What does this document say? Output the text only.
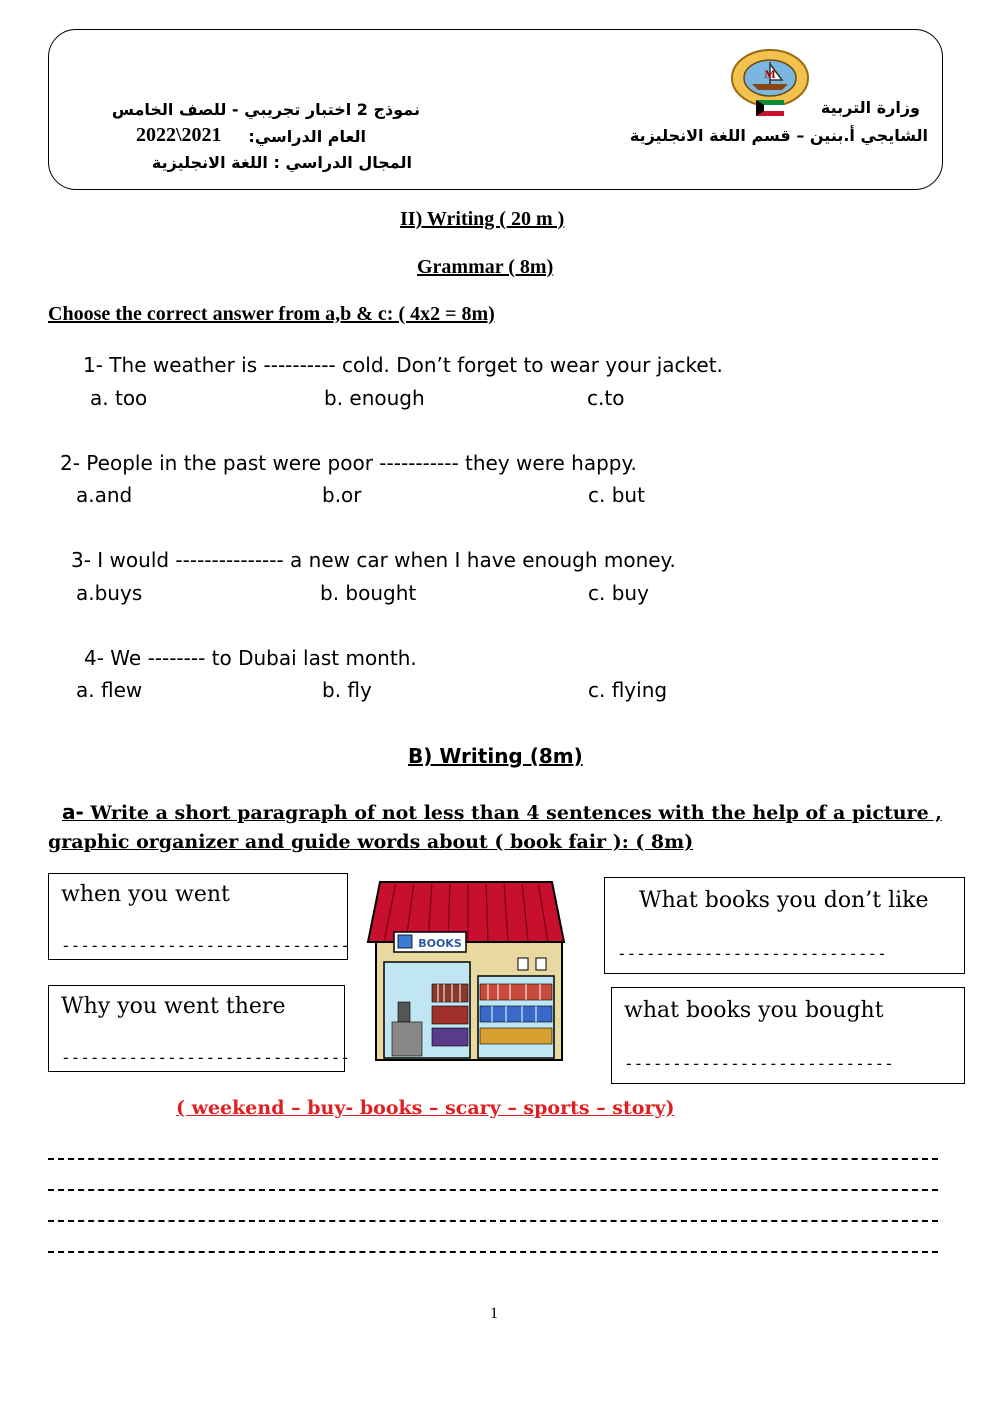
M
وزارة التربية
الشايجي أ.بنين – قسم اللغة الانجليزية
نموذج 2 اختبار تجريبي - للصف الخامس
العام الدراسي:
2022\2021
المجال الدراسي : اللغة الانجليزية
II) Writing ( 20 m )
Grammar ( 8m)
Choose the correct answer from a,b & c: ( 4x2 = 8m)
1- The weather is ---------- cold. Don’t forget to wear your jacket.
a. too	b. enough	c.to
2- People in the past were poor ----------- they were happy.
a.and	b.or	c. but
3- I would --------------- a new car when I have enough money.
a.buys	b. bought	c. buy
4- We -------- to Dubai last month.
a. flew	b. fly	c. flying
B) Writing (8m)
a- Write a short paragraph of not less than 4 sentences with the help of a picture ,
graphic organizer and guide words about ( book fair ): ( 8m)
when you went
------------------------------
Why you went there
------------------------------
What books you don’t like
----------------------------
what books you bought
----------------------------
BOOKS
( weekend – buy- books – scary – sports – story)
1
